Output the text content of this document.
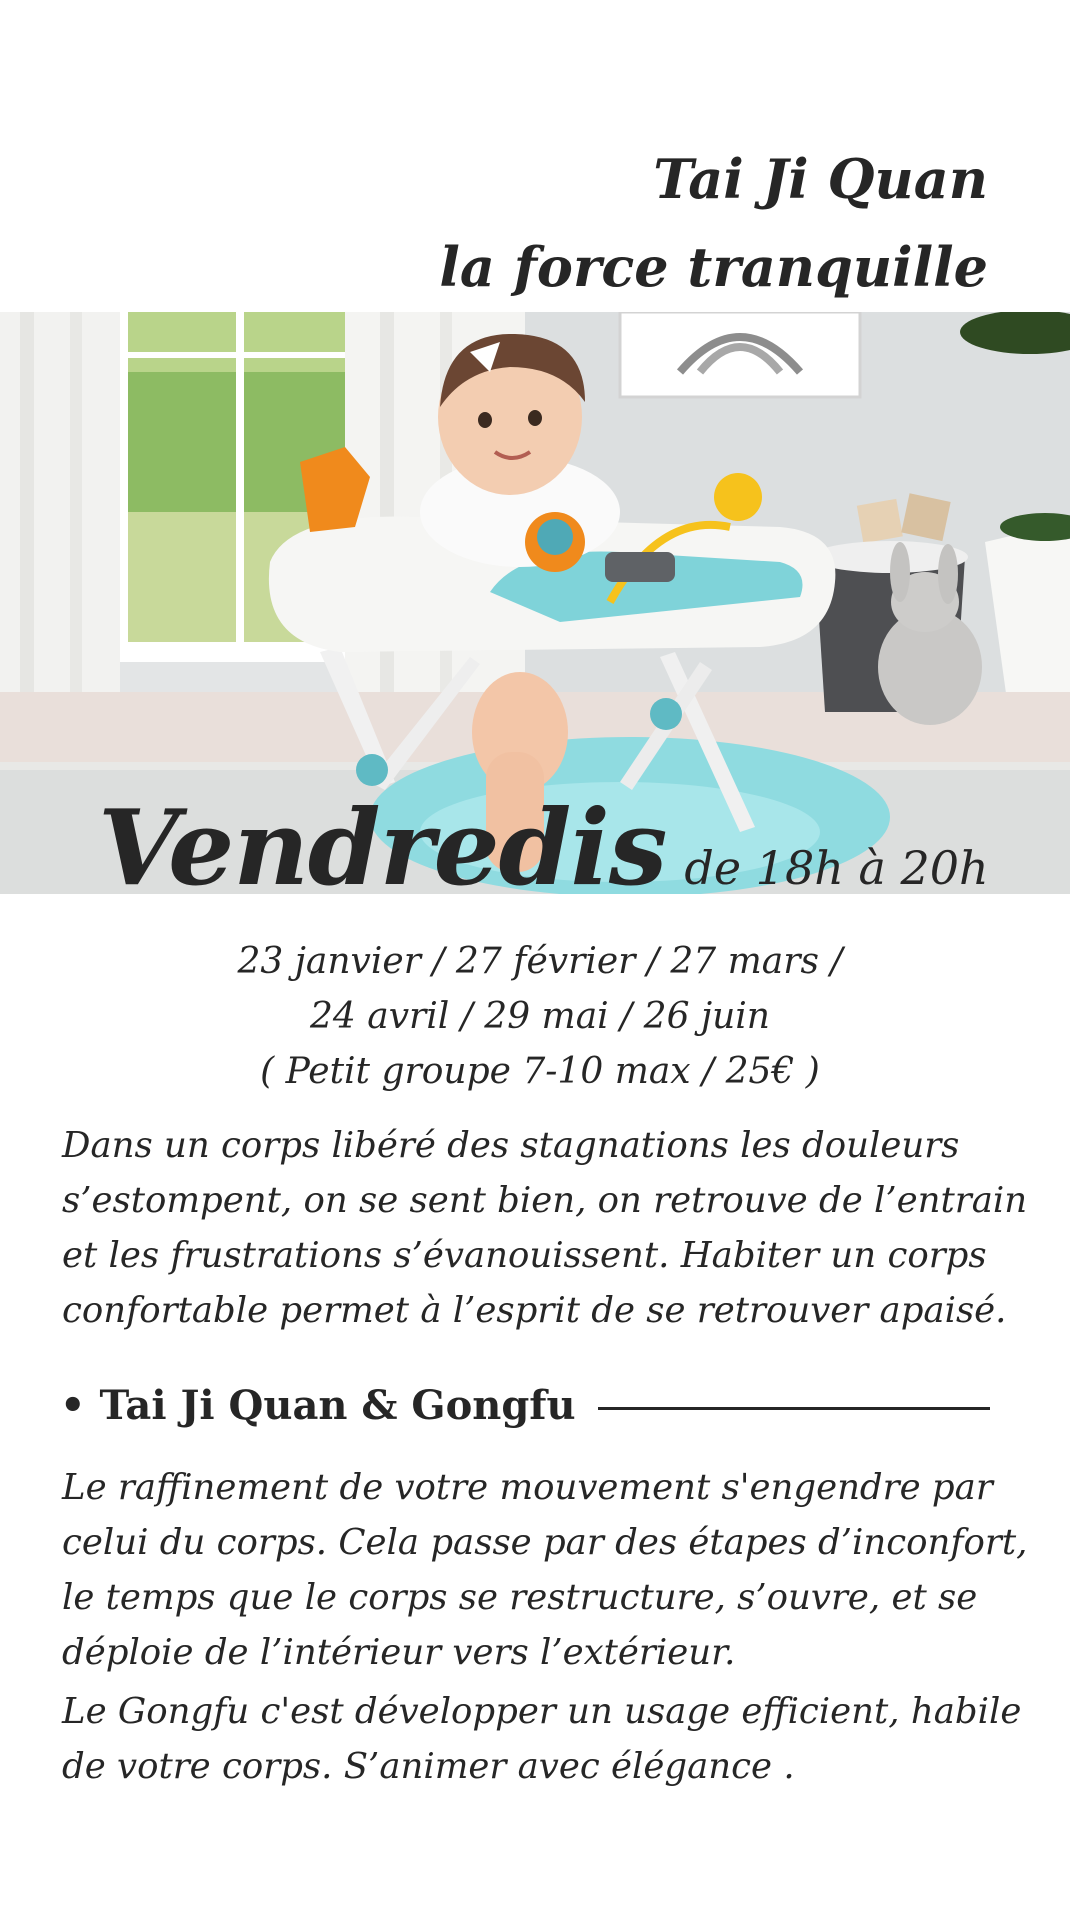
Tai Ji Quan
la force tranquille
Vendredis de 18h à 20h
23 janvier / 27 février / 27 mars /
24 avril / 29 mai / 26 juin
( Petit groupe 7-10 max / 25€ )

Dans un corps libéré des stagnations les douleurs
s’estompent, on se sent bien, on retrouve de l’entrain
et les frustrations s’évanouissent. Habiter un corps
confortable permet à l’esprit de se retrouver apaisé.

• Tai Ji Quan & Gongfu

Le raffinement de votre mouvement s'engendre par
celui du corps. Cela passe par des étapes d’inconfort,
le temps que le corps se restructure, s’ouvre, et se
déploie de l’intérieur vers l’extérieur.

Le Gongfu c'est développer un usage efficient, habile
de votre corps. S’animer avec élégance .
